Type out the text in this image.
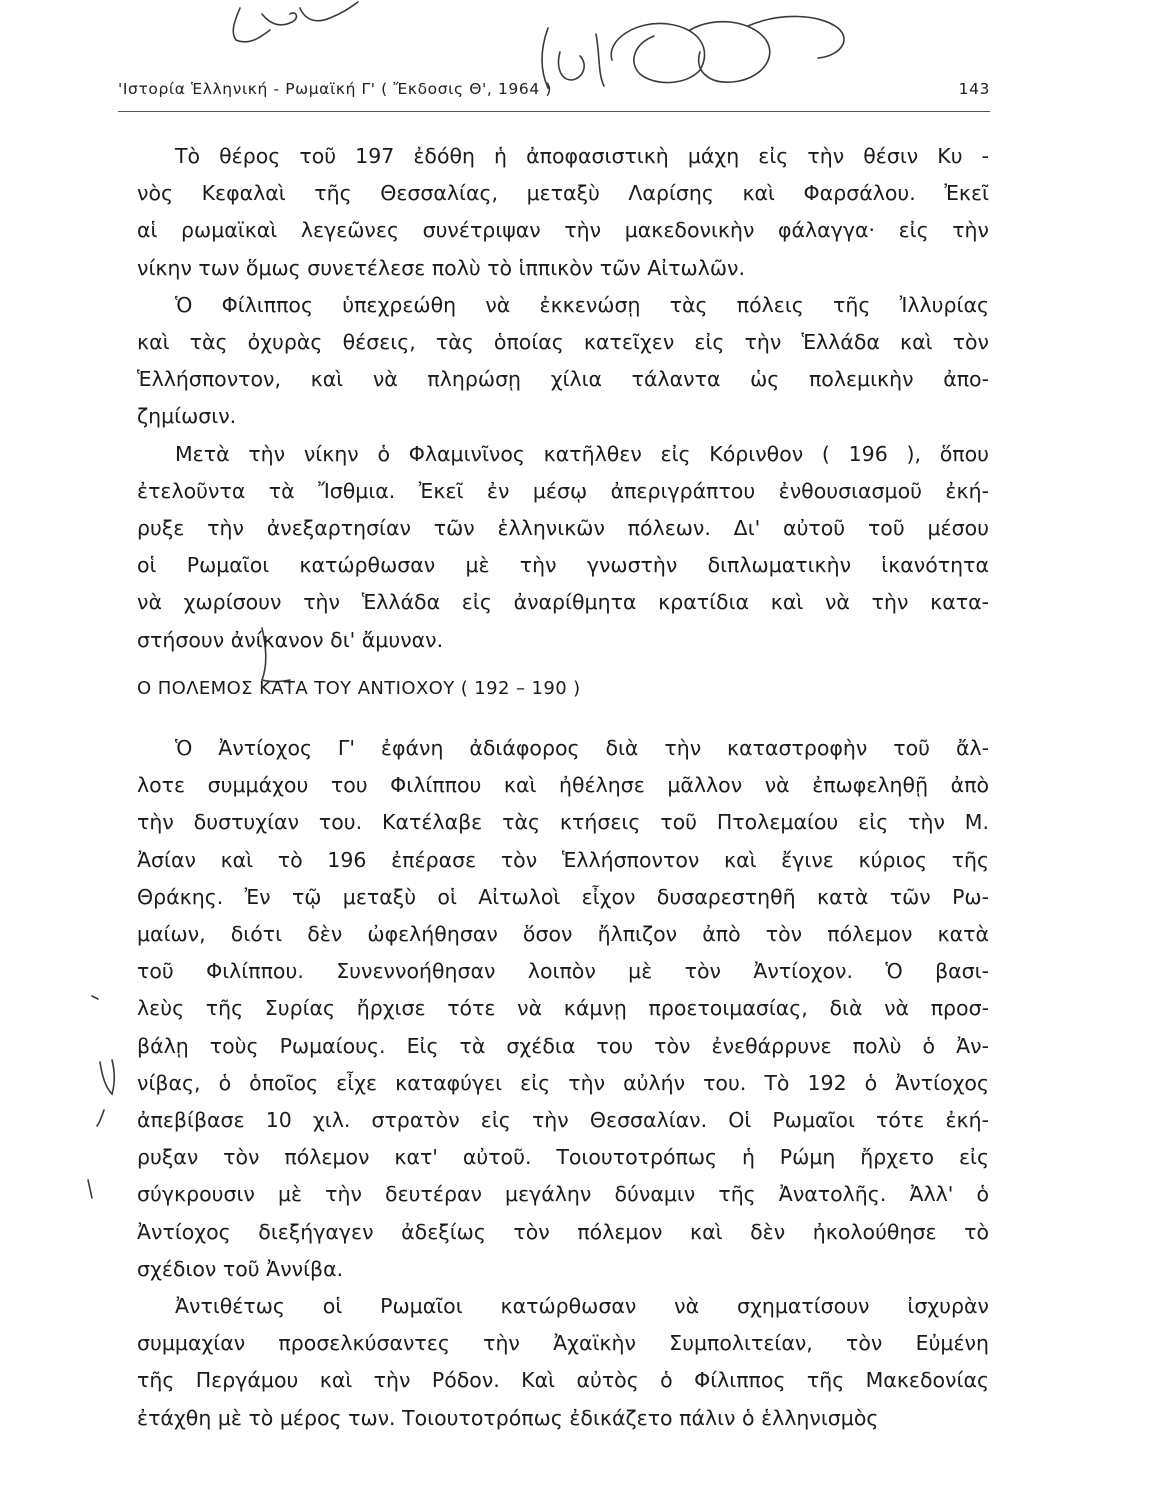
'Ιστορία Ἑλληνική - Ρωμαϊκή Γ' ( Ἔκδοσις Θ', 1964 )	143

Τὸ θέρος τοῦ 197 ἐδόθη ἡ ἀποφασιστικὴ μάχη εἰς τὴν θέσιν Κυ -
νὸς Κεφαλαὶ τῆς Θεσσαλίας, μεταξὺ Λαρίσης καὶ Φαρσάλου. Ἐκεῖ
αἱ ρωμαϊκαὶ λεγεῶνες συνέτριψαν τὴν μακεδονικὴν φάλαγγα· εἰς τὴν
νίκην των ὅμως συνετέλεσε πολὺ τὸ ἱππικὸν τῶν Αἰτωλῶν.

Ὁ Φίλιππος ὑπεχρεώθη νὰ ἐκκενώσῃ τὰς πόλεις τῆς Ἰλλυρίας
καὶ τὰς ὀχυρὰς θέσεις, τὰς ὁποίας κατεῖχεν εἰς τὴν Ἑλλάδα καὶ τὸν
Ἑλλήσποντον, καὶ νὰ πληρώσῃ χίλια τάλαντα ὡς πολεμικὴν ἀπο-
ζημίωσιν.

Μετὰ τὴν νίκην ὁ Φλαμινῖνος κατῆλθεν εἰς Κόρινθον ( 196 ), ὅπου
ἐτελοῦντα τὰ Ἴσθμια. Ἐκεῖ ἐν μέσῳ ἀπεριγράπτου ἐνθουσιασμοῦ ἐκή-
ρυξε τὴν ἀνεξαρτησίαν τῶν ἑλληνικῶν πόλεων. Δι' αὐτοῦ τοῦ μέσου
οἱ Ρωμαῖοι κατώρθωσαν μὲ τὴν γνωστὴν διπλωματικὴν ἱκανότητα
νὰ χωρίσουν τὴν Ἑλλάδα εἰς ἀναρίθμητα κρατίδια καὶ νὰ τὴν κατα-
στήσουν ἀνίκανον δι' ἄμυναν.

Ο ΠΟΛΕΜΟΣ ΚΑΤΑ ΤΟΥ ΑΝΤΙΟΧΟΥ ( 192 – 190 )

Ὁ Ἀντίοχος Γ' ἐφάνη ἀδιάφορος διὰ τὴν καταστροφὴν τοῦ ἄλ-
λοτε συμμάχου του Φιλίππου καὶ ἠθέλησε μᾶλλον νὰ ἐπωφεληθῇ ἀπὸ
τὴν δυστυχίαν του. Κατέλαβε τὰς κτήσεις τοῦ Πτολεμαίου εἰς τὴν Μ.
Ἀσίαν καὶ τὸ 196 ἐπέρασε τὸν Ἑλλήσποντον καὶ ἔγινε κύριος τῆς
Θράκης. Ἐν τῷ μεταξὺ οἱ Αἰτωλοὶ εἶχον δυσαρεστηθῆ κατὰ τῶν Ρω-
μαίων, διότι δὲν ὠφελήθησαν ὅσον ἤλπιζον ἀπὸ τὸν πόλεμον κατὰ
τοῦ Φιλίππου. Συνεννοήθησαν λοιπὸν μὲ τὸν Ἀντίοχον. Ὁ βασι-
λεὺς τῆς Συρίας ἤρχισε τότε νὰ κάμνῃ προετοιμασίας, διὰ νὰ προσ-
βάλῃ τοὺς Ρωμαίους. Εἰς τὰ σχέδια του τὸν ἐνεθάρρυνε πολὺ ὁ Ἀν-
νίβας, ὁ ὁποῖος εἶχε καταφύγει εἰς τὴν αὐλήν του. Τὸ 192 ὁ Ἀντίοχος
ἀπεβίβασε 10 χιλ. στρατὸν εἰς τὴν Θεσσαλίαν. Οἱ Ρωμαῖοι τότε ἐκή-
ρυξαν τὸν πόλεμον κατ' αὐτοῦ. Τοιουτοτρόπως ἡ Ρώμη ἤρχετο εἰς
σύγκρουσιν μὲ τὴν δευτέραν μεγάλην δύναμιν τῆς Ἀνατολῆς. Ἀλλ' ὁ
Ἀντίοχος διεξήγαγεν ἀδεξίως τὸν πόλεμον καὶ δὲν ἠκολούθησε τὸ
σχέδιον τοῦ Ἀννίβα.

Ἀντιθέτως οἱ Ρωμαῖοι κατώρθωσαν νὰ σχηματίσουν ἰσχυρὰν
συμμαχίαν προσελκύσαντες τὴν Ἀχαϊκὴν Συμπολιτείαν, τὸν Εὐμένη
τῆς Περγάμου καὶ τὴν Ρόδον. Καὶ αὐτὸς ὁ Φίλιππος τῆς Μακεδονίας
ἐτάχθη μὲ τὸ μέρος των. Τοιουτοτρόπως ἐδικάζετο πάλιν ὁ ἑλληνισμὸς
